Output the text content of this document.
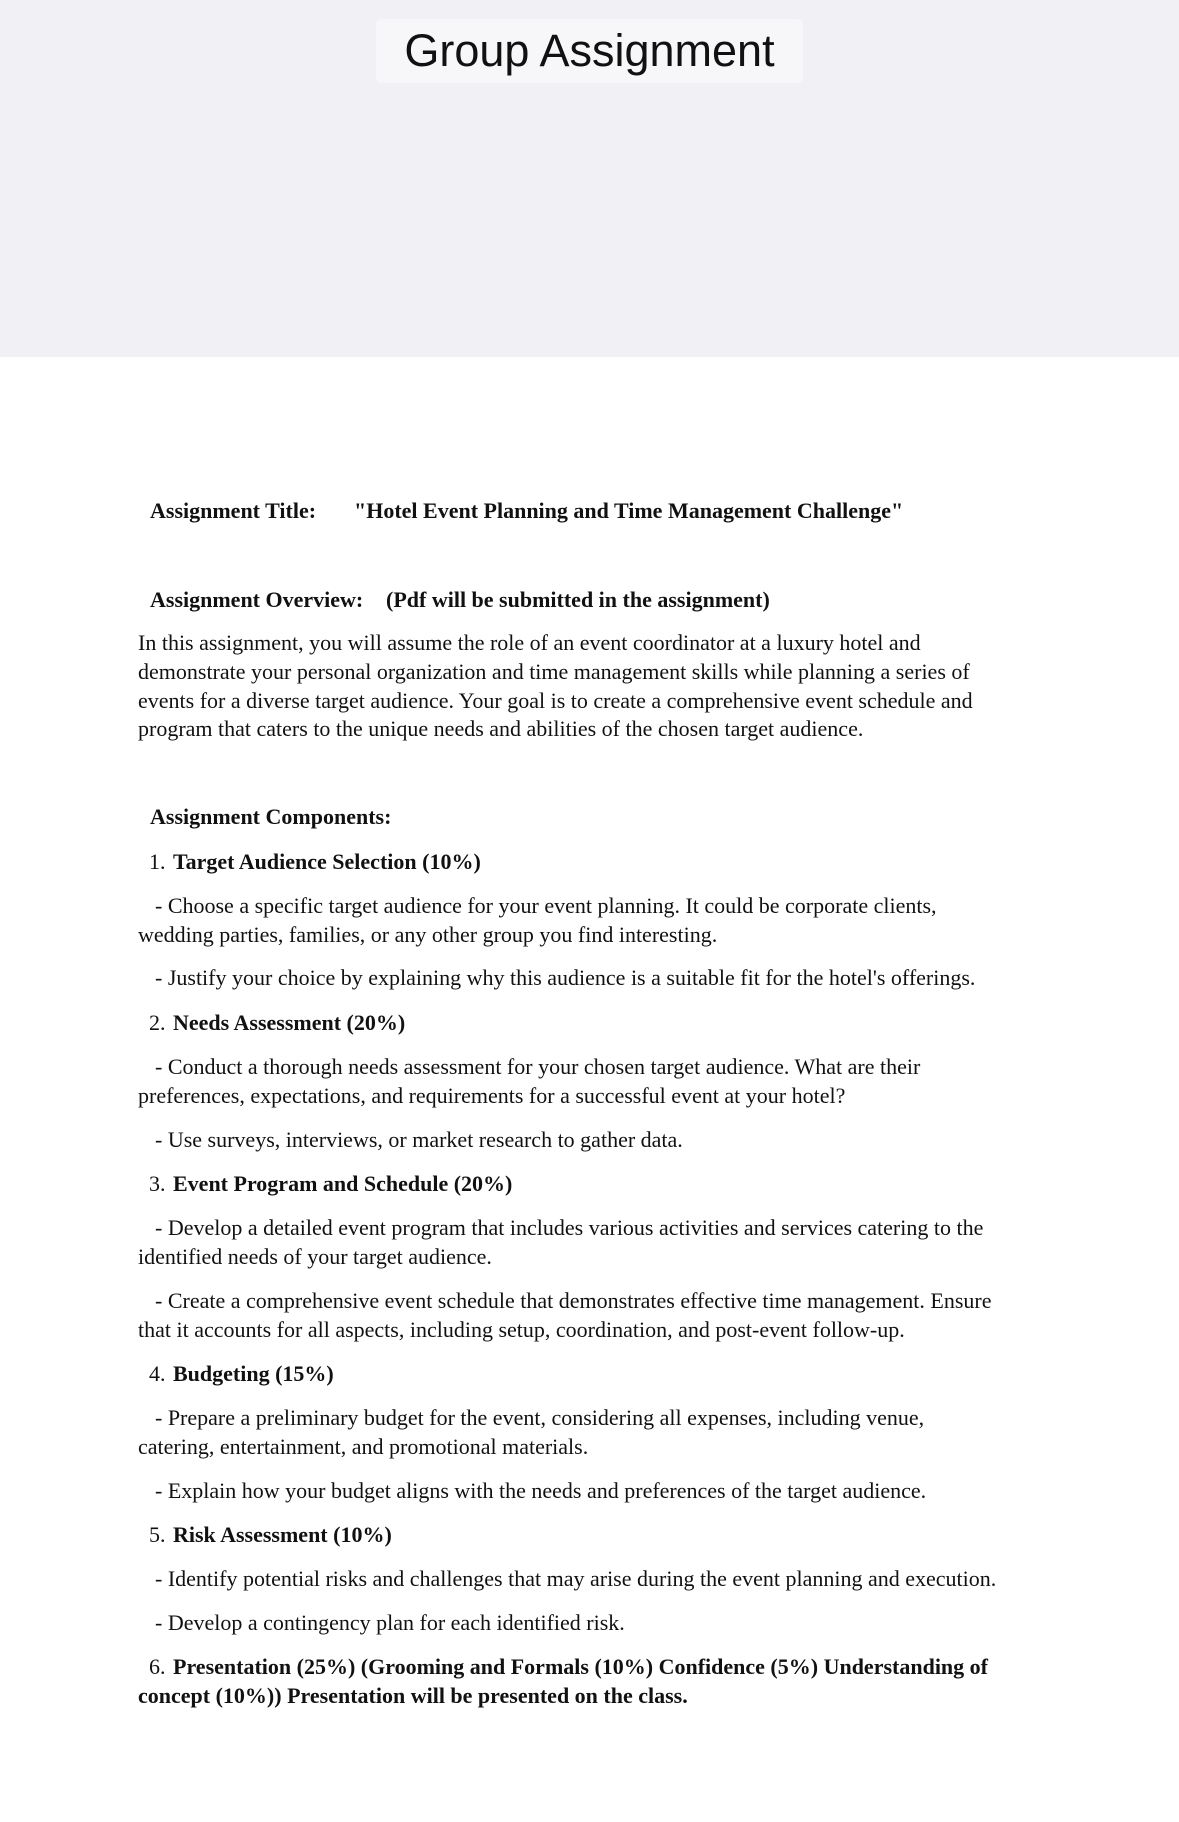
Group Assignment
Assignment Title: "Hotel Event Planning and Time Management Challenge"
Assignment Overview: (Pdf will be submitted in the assignment)
In this assignment, you will assume the role of an event coordinator at a luxury hotel and
demonstrate your personal organization and time management skills while planning a series of
events for a diverse target audience. Your goal is to create a comprehensive event schedule and
program that caters to the unique needs and abilities of the chosen target audience.
Assignment Components:
1. Target Audience Selection (10%)
- Choose a specific target audience for your event planning. It could be corporate clients,
wedding parties, families, or any other group you find interesting.
- Justify your choice by explaining why this audience is a suitable fit for the hotel's offerings.
2. Needs Assessment (20%)
- Conduct a thorough needs assessment for your chosen target audience. What are their
preferences, expectations, and requirements for a successful event at your hotel?
- Use surveys, interviews, or market research to gather data.
3. Event Program and Schedule (20%)
- Develop a detailed event program that includes various activities and services catering to the
identified needs of your target audience.
- Create a comprehensive event schedule that demonstrates effective time management. Ensure
that it accounts for all aspects, including setup, coordination, and post-event follow-up.
4. Budgeting (15%)
- Prepare a preliminary budget for the event, considering all expenses, including venue,
catering, entertainment, and promotional materials.
- Explain how your budget aligns with the needs and preferences of the target audience.
5. Risk Assessment (10%)
- Identify potential risks and challenges that may arise during the event planning and execution.
- Develop a contingency plan for each identified risk.
6. Presentation (25%) (Grooming and Formals (10%) Confidence (5%) Understanding of
concept (10%)) Presentation will be presented on the class.
